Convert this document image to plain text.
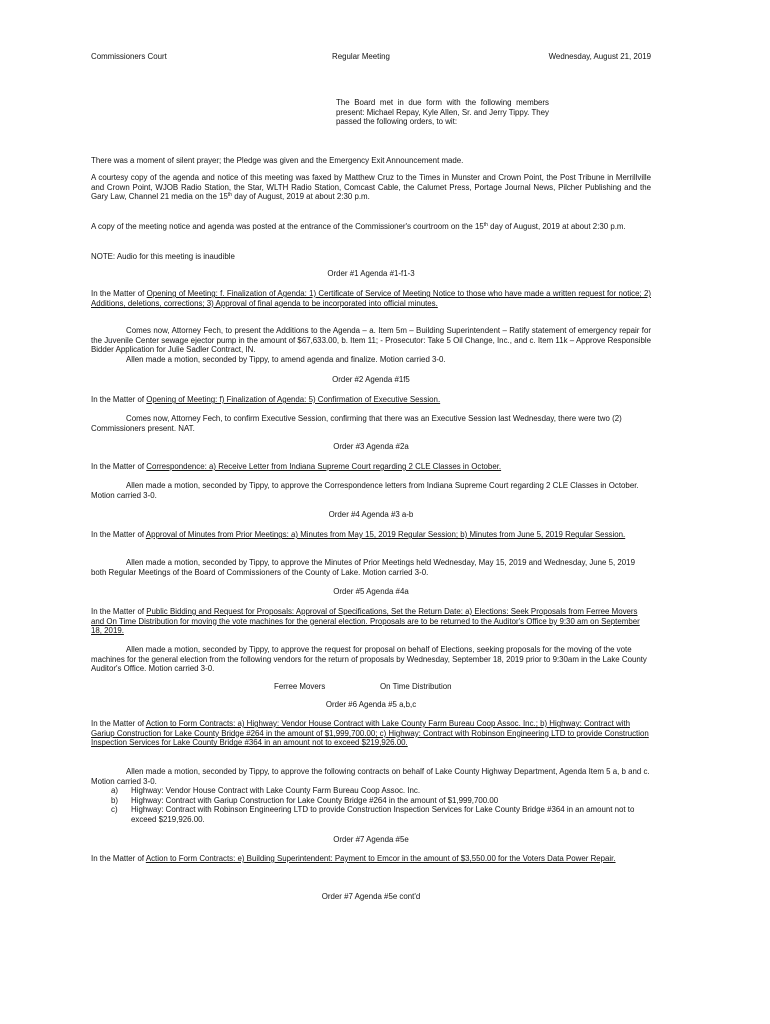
Commissioners Court	Regular Meeting	Wednesday, August 21, 2019

The Board met in due form with the following members present: Michael Repay, Kyle Allen, Sr. and Jerry Tippy. They passed the following orders, to wit:

There was a moment of silent prayer; the Pledge was given and the Emergency Exit Announcement made.

A courtesy copy of the agenda and notice of this meeting was faxed by Matthew Cruz to the Times in Munster and Crown Point, the Post Tribune in Merrillville and Crown Point, WJOB Radio Station, the Star, WLTH Radio Station, Comcast Cable, the Calumet Press, Portage Journal News, Pilcher Publishing and the Gary Law, Channel 21 media on the 15th day of August, 2019 at about 2:30 p.m.

A copy of the meeting notice and agenda was posted at the entrance of the Commissioner's courtroom on the 15th day of August, 2019 at about 2:30 p.m.

NOTE: Audio for this meeting is inaudible

Order #1 Agenda #1-f1-3

In the Matter of Opening of Meeting: f. Finalization of Agenda: 1) Certificate of Service of Meeting Notice to those who have made a written request for notice; 2) Additions, deletions, corrections; 3) Approval of final agenda to be incorporated into official minutes.

Comes now, Attorney Fech, to present the Additions to the Agenda – a. Item 5m – Building Superintendent – Ratify statement of emergency repair for the Juvenile Center sewage ejector pump in the amount of $67,633.00, b. Item 11; - Prosecutor: Take 5 Oil Change, Inc., and c. Item 11k – Approve Responsible Bidder Application for Julie Sadler Contract, IN.

Allen made a motion, seconded by Tippy, to amend agenda and finalize. Motion carried 3-0.

Order #2 Agenda #1f5

In the Matter of Opening of Meeting: f) Finalization of Agenda: 5) Confirmation of Executive Session.

Comes now, Attorney Fech, to confirm Executive Session, confirming that there was an Executive Session last Wednesday, there were two (2) Commissioners present. NAT.

Order #3 Agenda #2a

In the Matter of Correspondence: a) Receive Letter from Indiana Supreme Court regarding 2 CLE Classes in October.

Allen made a motion, seconded by Tippy, to approve the Correspondence letters from Indiana Supreme Court regarding 2 CLE Classes in October. Motion carried 3-0.

Order #4 Agenda #3 a-b

In the Matter of Approval of Minutes from Prior Meetings: a) Minutes from May 15, 2019 Regular Session; b) Minutes from June 5, 2019 Regular Session.

Allen made a motion, seconded by Tippy, to approve the Minutes of Prior Meetings held Wednesday, May 15, 2019 and Wednesday, June 5, 2019 both Regular Meetings of the Board of Commissioners of the County of Lake. Motion carried 3-0.

Order #5 Agenda #4a

In the Matter of Public Bidding and Request for Proposals: Approval of Specifications, Set the Return Date: a) Elections: Seek Proposals from Ferree Movers and On Time Distribution for moving the vote machines for the general election. Proposals are to be returned to the Auditor's Office by 9:30 am on September 18, 2019.

Allen made a motion, seconded by Tippy, to approve the request for proposal on behalf of Elections, seeking proposals for the moving of the vote machines for the general election from the following vendors for the return of proposals by Wednesday, September 18, 2019 prior to 9:30am in the Lake County Auditor's Office. Motion carried 3-0.

Ferree Movers	On Time Distribution
Order #6 Agenda #5 a,b,c

In the Matter of Action to Form Contracts: a) Highway: Vendor House Contract with Lake County Farm Bureau Coop Assoc. Inc.; b) Highway: Contract with Gariup Construction for Lake County Bridge #264 in the amount of $1,999,700.00; c) Highway: Contract with Robinson Engineering LTD to provide Construction Inspection Services for Lake County Bridge #364 in an amount not to exceed $219,926.00.

Allen made a motion, seconded by Tippy, to approve the following contracts on behalf of Lake County Highway Department, Agenda Item 5 a, b and c. Motion carried 3-0.

a) Highway: Vendor House Contract with Lake County Farm Bureau Coop Assoc. Inc.
b) Highway: Contract with Gariup Construction for Lake County Bridge #264 in the amount of $1,999,700.00
c) Highway: Contract with Robinson Engineering LTD to provide Construction Inspection Services for Lake County Bridge #364 in an amount not to exceed $219,926.00.
Order #7 Agenda #5e

In the Matter of Action to Form Contracts: e) Building Superintendent: Payment to Emcor in the amount of $3,550.00 for the Voters Data Power Repair.

Order #7 Agenda #5e cont'd
